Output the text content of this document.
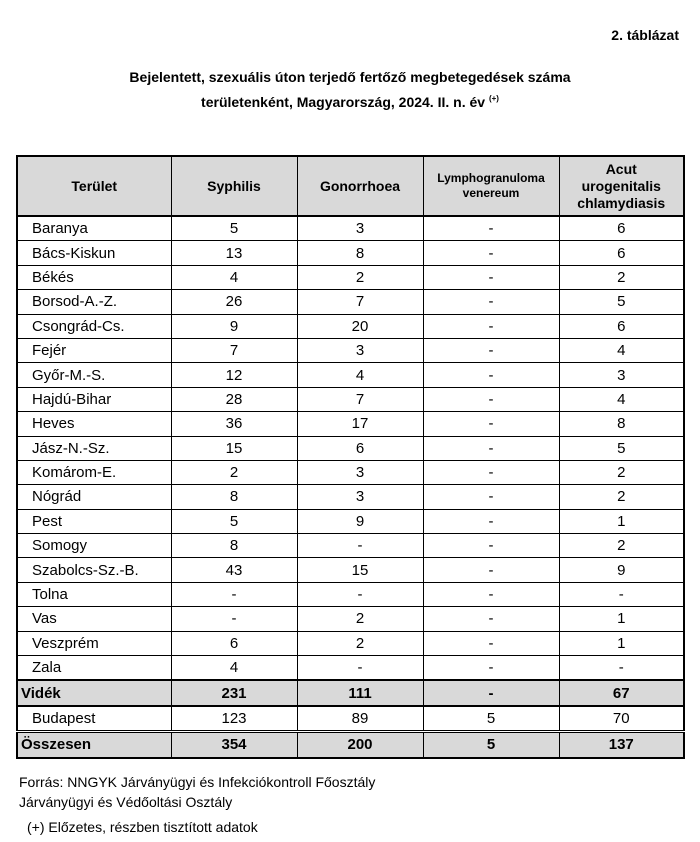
2. táblázat
Bejelentett, szexuális úton terjedő fertőző megbetegedések száma
területenként, Magyarország, 2024. II. n. év (+)
Terület	Syphilis	Gonorrhoea	Lymphogranuloma venereum	Acut urogenitalis chlamydiasis
Baranya	5	3	-	6
Bács-Kiskun	13	8	-	6
Békés	4	2	-	2
Borsod-A.-Z.	26	7	-	5
Csongrád-Cs.	9	20	-	6
Fejér	7	3	-	4
Győr-M.-S.	12	4	-	3
Hajdú-Bihar	28	7	-	4
Heves	36	17	-	8
Jász-N.-Sz.	15	6	-	5
Komárom-E.	2	3	-	2
Nógrád	8	3	-	2
Pest	5	9	-	1
Somogy	8	-	-	2
Szabolcs-Sz.-B.	43	15	-	9
Tolna	-	-	-	-
Vas	-	2	-	1
Veszprém	6	2	-	1
Zala	4	-	-	-
Vidék	231	111	-	67
Budapest	123	89	5	70
Összesen	354	200	5	137
Forrás: NNGYK Járványügyi és Infekciókontroll Főosztály
Járványügyi és Védőoltási Osztály
(+) Előzetes, részben tisztított adatok
